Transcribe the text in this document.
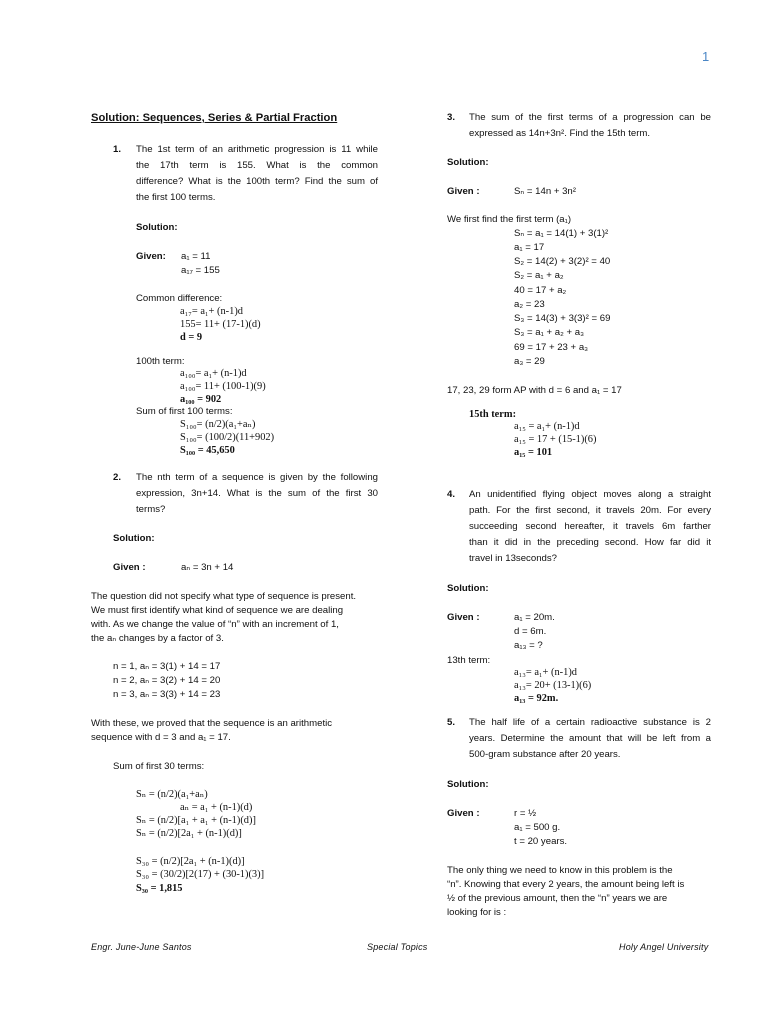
1
Solution: Sequences, Series & Partial Fraction
1. The 1st term of an arithmetic progression is 11 while
the 17th term is 155. What is the common
difference? What is the 100th term? Find the sum of
the first 100 terms.
Solution:
Given: a₁ = 11
a₁₇ = 155
Common difference:
a₁₇= a₁+ (n-1)d
155= 11+ (17-1)(d)
d = 9
100th term:
a₁₀₀= a₁+ (n-1)d
a₁₀₀= 11+ (100-1)(9)
a₁₀₀ = 902
Sum of first 100 terms:
S₁₀₀= (n/2)(a₁+aₙ)
S₁₀₀= (100/2)(11+902)
S₁₀₀ = 45,650
2. The nth term of a sequence is given by the following
expression, 3n+14. What is the sum of the first 30
terms?
Solution:
Given :	aₙ = 3n + 14
The question did not specify what type of sequence is present.
We must first identify what kind of sequence we are dealing
with. As we change the value of “n” with an increment of 1,
the aₙ changes by a factor of 3.
n = 1, aₙ = 3(1) + 14 = 17
n = 2, aₙ = 3(2) + 14 = 20
n = 3, aₙ = 3(3) + 14 = 23
With these, we proved that the sequence is an arithmetic
sequence with d = 3 and a₁ = 17.
Sum of first 30 terms:
Sₙ = (n/2)(a₁+aₙ)
aₙ = a₁ + (n-1)(d)
Sₙ = (n/2)[a₁ + a₁ + (n-1)(d)]
Sₙ = (n/2)[2a₁ + (n-1)(d)]
S₃₀ = (n/2)[2a₁ + (n-1)(d)]
S₃₀ = (30/2)[2(17) + (30-1)(3)]
S₃₀ = 1,815
3. The sum of the first terms of a progression can be
expressed as 14n+3n². Find the 15th term.
Solution:
Given :	Sₙ = 14n + 3n²
We first find the first term (a₁)
Sₙ = a₁ = 14(1) + 3(1)²
a₁ = 17
S₂ = 14(2) + 3(2)² = 40
S₂ = a₁ + a₂
40 = 17 + a₂
a₂ = 23
S₃ = 14(3) + 3(3)² = 69
S₃ = a₁ + a₂ + a₃
69 = 17 + 23 + a₃
a₃ = 29
17, 23, 29 form AP with d = 6 and a₁ = 17
15th term:
a₁₅ = a₁+ (n-1)d
a₁₅ = 17 + (15-1)(6)
a₁₅ = 101
4. An unidentified flying object moves along a straight
path. For the first second, it travels 20m. For every
succeeding second hereafter, it travels 6m farther
than it did in the preceding second. How far did it
travel in 13seconds?
Solution:
Given :	a₁ = 20m.
d = 6m.
a₁₃ = ?
13th term:
a₁₃= a₁+ (n-1)d
a₁₃= 20+ (13-1)(6)
a₁₃ = 92m.
5. The half life of a certain radioactive substance is 2
years. Determine the amount that will be left from a
500-gram substance after 20 years.
Solution:
Given :	r = ½
a₁ = 500 g.
t = 20 years.
The only thing we need to know in this problem is the
“n”. Knowing that every 2 years, the amount being left is
½ of the previous amount, then the “n” years we are
looking for is :
Engr. June-June Santos	Special Topics	Holy Angel University
